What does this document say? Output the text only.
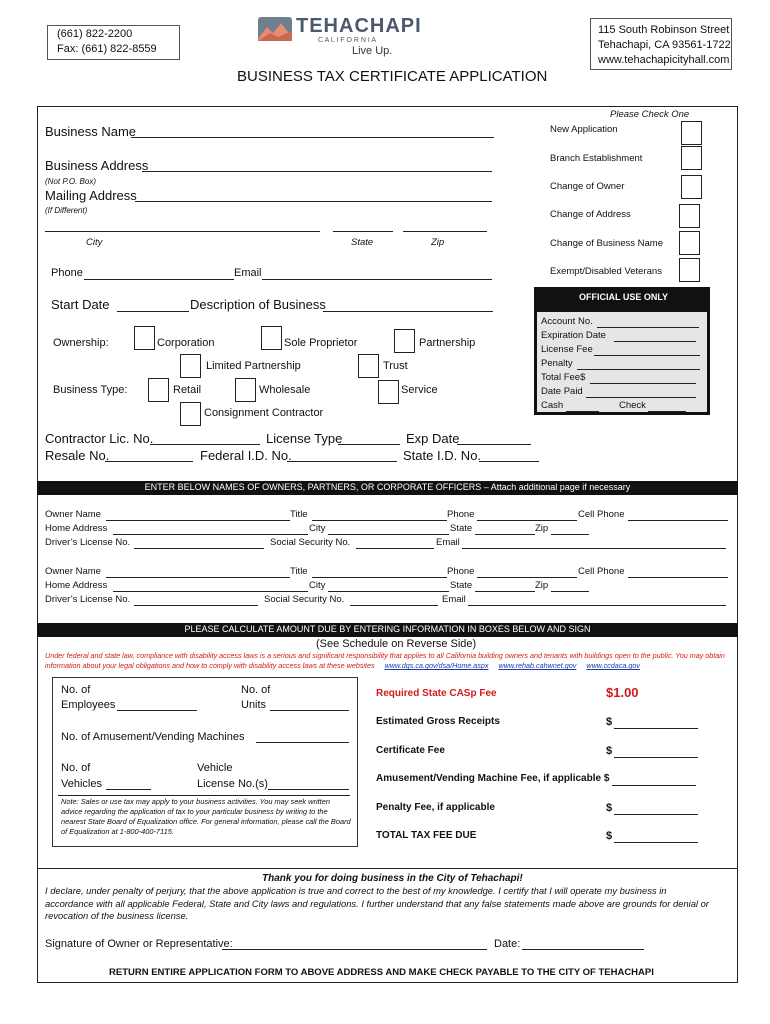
(661) 822-2200
Fax: (661) 822-8559
TEHACHAPI
C A L I F O R N I A
Live Up.
115 South Robinson Street
Tehachapi, CA 93561-1722
www.tehachapicityhall.com
BUSINESS TAX CERTIFICATE APPLICATION
Business Name
Business Address
(Not P.O. Box)
Mailing Address
(If Different)
City	State	Zip
Phone	Email
Start Date	Description of Business
Ownership:	Corporation	Sole Proprietor	Partnership
Limited Partnership	Trust
Business Type:	Retail	Wholesale	Service
Consignment Contractor
Contractor Lic. No.	License Type	Exp Date
Resale No.	Federal I.D. No.	State I.D. No.
Please Check One
New Application
Branch Establishment
Change of Owner
Change of Address
Change of Business Name
Exempt/Disabled Veterans
OFFICIAL USE ONLY
Account No.
Expiration Date
License Fee
Penalty
Total Fee$
Date Paid
Cash	Check
ENTER BELOW NAMES OF OWNERS, PARTNERS, OR CORPORATE OFFICERS – Attach additional page if necessary
Owner Name	Title	Phone	Cell Phone
Home Address	City	State	Zip
Driver’s License No.	Social Security No.	Email
Owner Name	Title	Phone	Cell Phone
Home Address	City	State	Zip
Driver’s License No.	Social Security No.	Email
PLEASE CALCULATE AMOUNT DUE BY ENTERING INFORMATION IN BOXES BELOW AND SIGN
(See Schedule on Reverse Side)
Under federal and state law, compliance with disability access laws is a serious and significant responsibility that applies to all California building owners and tenants with buildings open to the public. You may obtain information about your legal obligations and how to comply with disability access laws at these websites www.dgs.ca.gov/dsa/Home.aspx www.rehab.cahwnet.gov www.ccdaca.gov
No. of
Employees
No. of
Units
No. of Amusement/Vending Machines
No. of
Vehicles
Vehicle
License No.(s)
Note: Sales or use tax may apply to your business activities. You may seek written advice regarding the application of tax to your particular business by writing to the nearest State Board of Equalization office. For general information, please call the Board of Equalization at 1-800-400-7115.
Required State CASp Fee	$1.00
Estimated Gross Receipts	$
Certificate Fee	$
Amusement/Vending Machine Fee, if applicable $
Penalty Fee, if applicable	$
TOTAL TAX FEE DUE	$
Thank you for doing business in the City of Tehachapi!
I declare, under penalty of perjury, that the above application is true and correct to the best of my knowledge. I certify that I will operate my business in accordance with all applicable Federal, State and City laws and regulations. I further understand that any false statements made above are grounds for denial or revocation of the business license.
Signature of Owner or Representative:	Date:
RETURN ENTIRE APPLICATION FORM TO ABOVE ADDRESS AND MAKE CHECK PAYABLE TO THE CITY OF TEHACHAPI
